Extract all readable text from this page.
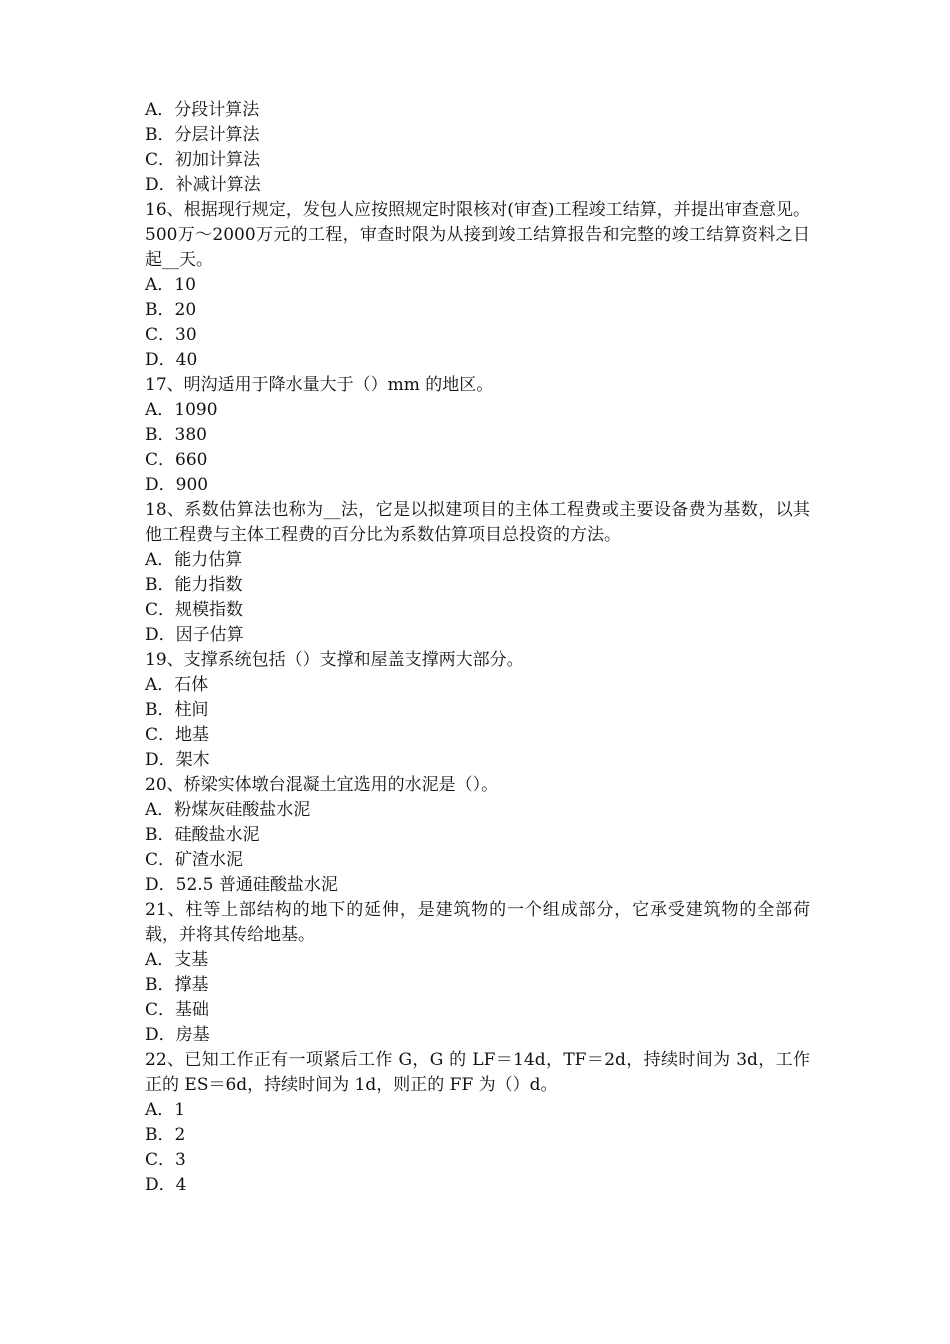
A．分段计算法
B．分层计算法
C．初加计算法
D．补减计算法
16、根据现行规定，发包人应按照规定时限核对(审查)工程竣工结算，并提出审查意见。500万～2000万元的工程，审查时限为从接到竣工结算报告和完整的竣工结算资料之日起__天。
A．10
B．20
C．30
D．40
17、明沟适用于降水量大于（）mm 的地区。
A．1090
B．380
C．660
D．900
18、系数估算法也称为__法，它是以拟建项目的主体工程费或主要设备费为基数，以其他工程费与主体工程费的百分比为系数估算项目总投资的方法。
A．能力估算
B．能力指数
C．规模指数
D．因子估算
19、支撑系统包括（）支撑和屋盖支撑两大部分。
A．石体
B．柱间
C．地基
D．架木
20、桥梁实体墩台混凝土宜选用的水泥是（）。
A．粉煤灰硅酸盐水泥
B．硅酸盐水泥
C．矿渣水泥
D．52.5 普通硅酸盐水泥
21、柱等上部结构的地下的延伸，是建筑物的一个组成部分，它承受建筑物的全部荷载，并将其传给地基。
A．支基
B．撑基
C．基础
D．房基
22、已知工作正有一项紧后工作 G，G 的 LF＝14d，TF＝2d，持续时间为 3d，工作正的 ES＝6d，持续时间为 1d，则正的 FF 为（）d。
A．1
B．2
C．3
D．4
